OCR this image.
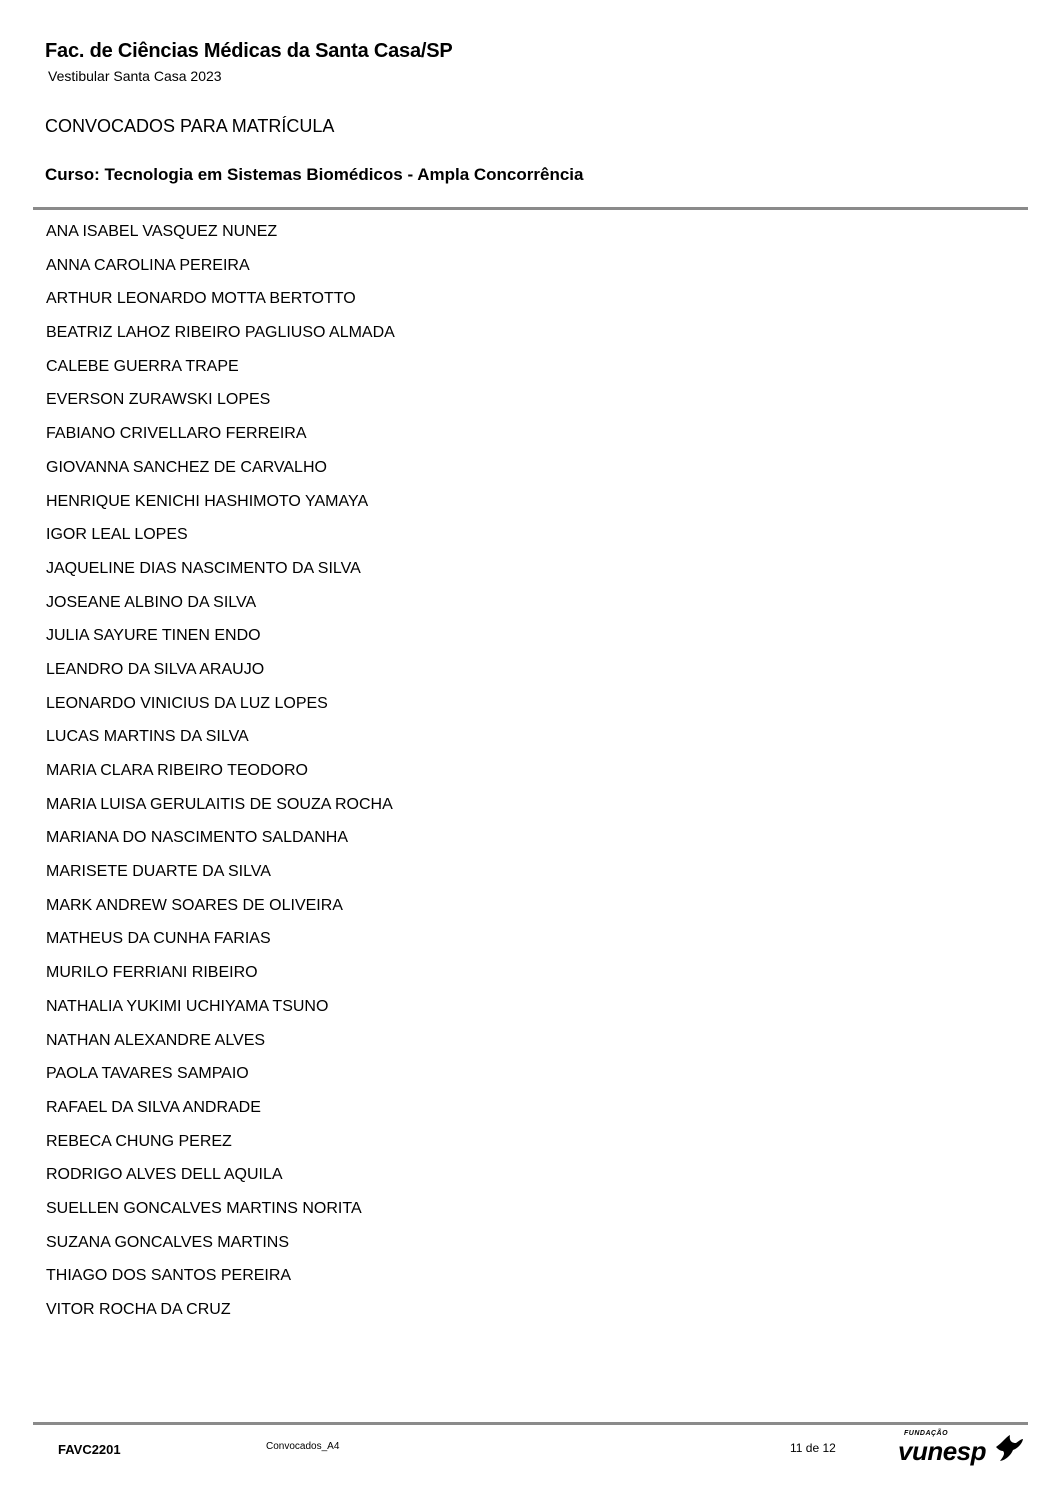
Fac. de Ciências Médicas da Santa Casa/SP
Vestibular Santa Casa 2023
CONVOCADOS PARA MATRÍCULA
Curso: Tecnologia em Sistemas Biomédicos - Ampla Concorrência
ANA ISABEL VASQUEZ NUNEZ
ANNA CAROLINA PEREIRA
ARTHUR LEONARDO MOTTA BERTOTTO
BEATRIZ LAHOZ RIBEIRO PAGLIUSO ALMADA
CALEBE GUERRA TRAPE
EVERSON ZURAWSKI LOPES
FABIANO CRIVELLARO FERREIRA
GIOVANNA SANCHEZ DE CARVALHO
HENRIQUE KENICHI HASHIMOTO YAMAYA
IGOR LEAL LOPES
JAQUELINE DIAS NASCIMENTO DA SILVA
JOSEANE ALBINO DA SILVA
JULIA SAYURE TINEN ENDO
LEANDRO DA SILVA ARAUJO
LEONARDO VINICIUS DA LUZ LOPES
LUCAS MARTINS DA SILVA
MARIA CLARA RIBEIRO TEODORO
MARIA LUISA GERULAITIS DE SOUZA ROCHA
MARIANA DO NASCIMENTO SALDANHA
MARISETE DUARTE DA SILVA
MARK ANDREW SOARES DE OLIVEIRA
MATHEUS DA CUNHA FARIAS
MURILO FERRIANI RIBEIRO
NATHALIA YUKIMI UCHIYAMA TSUNO
NATHAN ALEXANDRE ALVES
PAOLA TAVARES SAMPAIO
RAFAEL DA SILVA ANDRADE
REBECA CHUNG PEREZ
RODRIGO ALVES DELL AQUILA
SUELLEN GONCALVES MARTINS NORITA
SUZANA GONCALVES MARTINS
THIAGO DOS SANTOS PEREIRA
VITOR ROCHA DA CRUZ
FAVC2201	Convocados_A4	11 de 12
FUNDAÇÃO
vunesp
